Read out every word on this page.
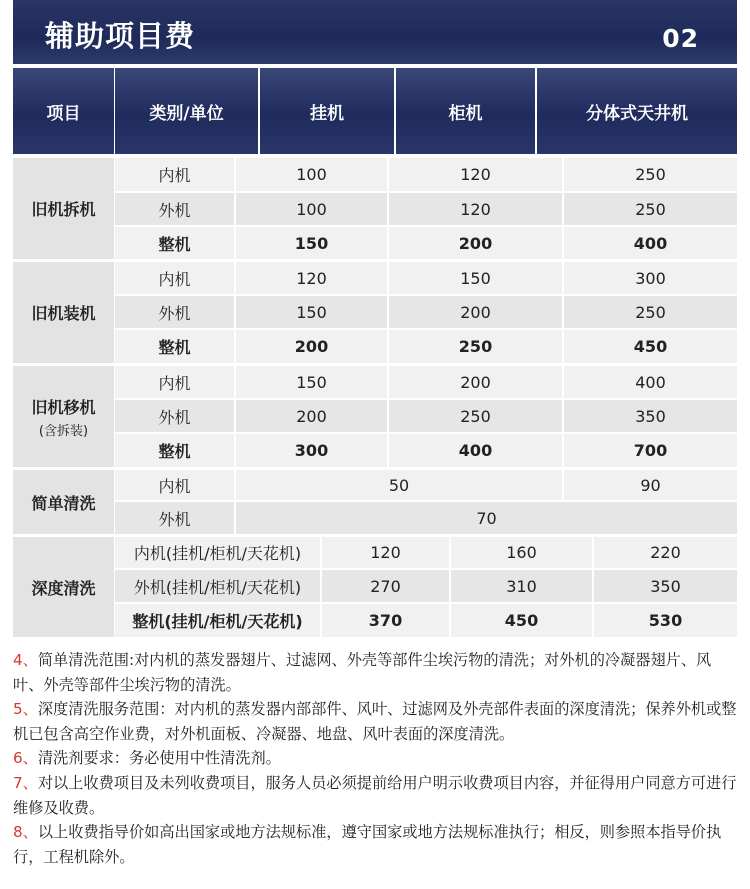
辅助项目费	02
项目	类别/单位	挂机	柜机	分体式天井机
旧机拆机
内机	100	120	250
外机	100	120	250
整机	150	200	400
旧机装机
内机	120	150	300
外机	150	200	250
整机	200	250	450
旧机移机
(含拆装)
内机	150	200	400
外机	200	250	350
整机	300	400	700
简单清洗
内机	50	90
外机	70
深度清洗
内机(挂机/柜机/天花机)	120	160	220
外机(挂机/柜机/天花机)	270	310	350
整机(挂机/柜机/天花机)	370	450	530

4、简单清洗范围:对内机的蒸发器翅片、过滤网、外壳等部件尘埃污物的清洗；对外机的冷凝器翅片、风叶、外壳等部件尘埃污物的清洗。

5、深度清洗服务范围：对内机的蒸发器内部部件、风叶、过滤网及外壳部件表面的深度清洗；保养外机或整机已包含高空作业费，对外机面板、冷凝器、地盘、风叶表面的深度清洗。

6、清洗剂要求：务必使用中性清洗剂。

7、对以上收费项目及未列收费项目，服务人员必须提前给用户明示收费项目内容，并征得用户同意方可进行维修及收费。

8、以上收费指导价如高出国家或地方法规标准，遵守国家或地方法规标准执行；相反，则参照本指导价执行，工程机除外。
